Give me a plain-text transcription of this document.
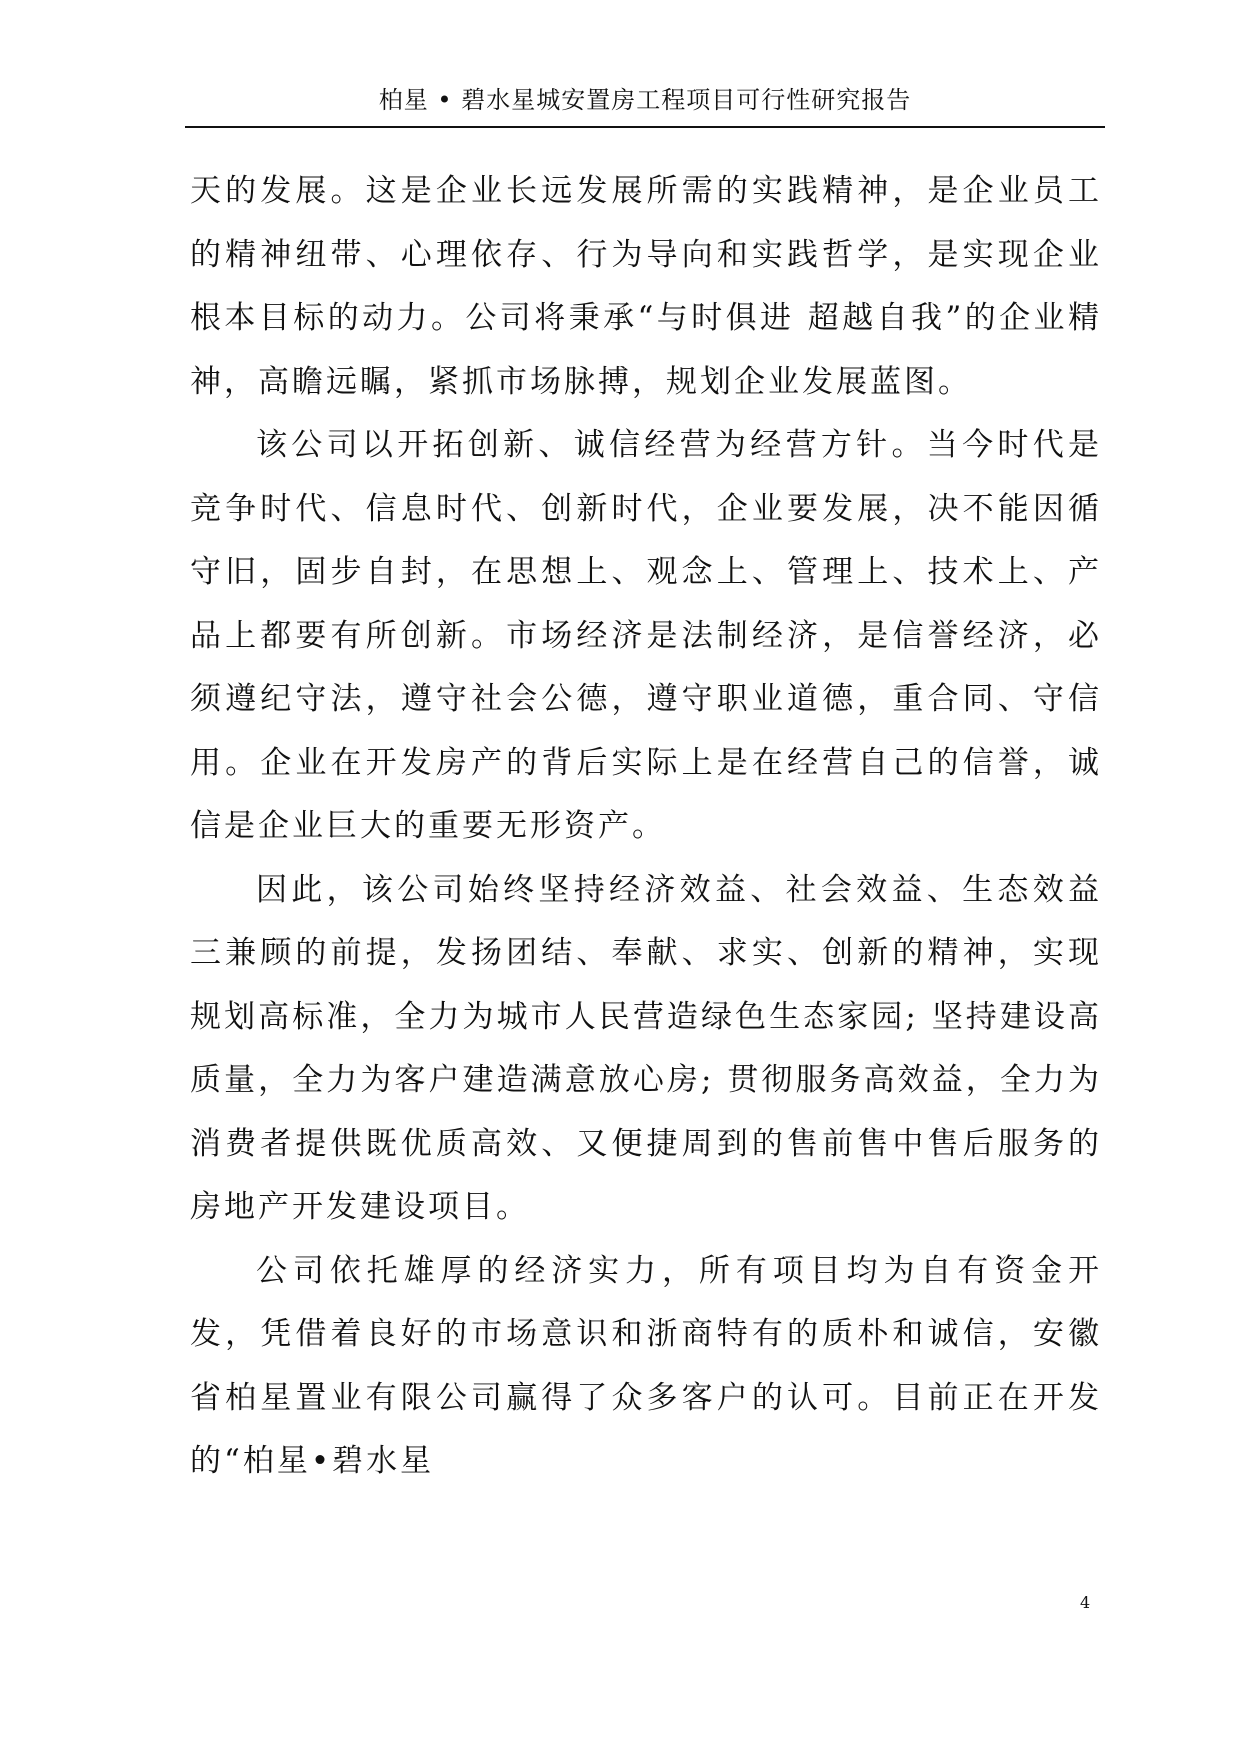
柏星 • 碧水星城安置房工程项目可行性研究报告

天的发展。这是企业长远发展所需的实践精神，是企业员工的精神纽带、心理依存、行为导向和实践哲学，是实现企业根本目标的动力。公司将秉承“与时俱进 超越自我”的企业精神，高瞻远瞩，紧抓市场脉搏，规划企业发展蓝图。

该公司以开拓创新、诚信经营为经营方针。当今时代是竞争时代、信息时代、创新时代，企业要发展，决不能因循守旧，固步自封，在思想上、观念上、管理上、技术上、产品上都要有所创新。市场经济是法制经济，是信誉经济，必须遵纪守法，遵守社会公德，遵守职业道德，重合同、守信用。企业在开发房产的背后实际上是在经营自己的信誉，诚信是企业巨大的重要无形资产。

因此，该公司始终坚持经济效益、社会效益、生态效益三兼顾的前提，发扬团结、奉献、求实、创新的精神，实现规划高标准，全力为城市人民营造绿色生态家园; 坚持建设高质量，全力为客户建造满意放心房; 贯彻服务高效益，全力为消费者提供既优质高效、又便捷周到的售前售中售后服务的房地产开发建设项目。

公司依托雄厚的经济实力，所有项目均为自有资金开发，凭借着良好的市场意识和浙商特有的质朴和诚信，安徽省柏星置业有限公司赢得了众多客户的认可。目前正在开发的“柏星•碧水星

4
